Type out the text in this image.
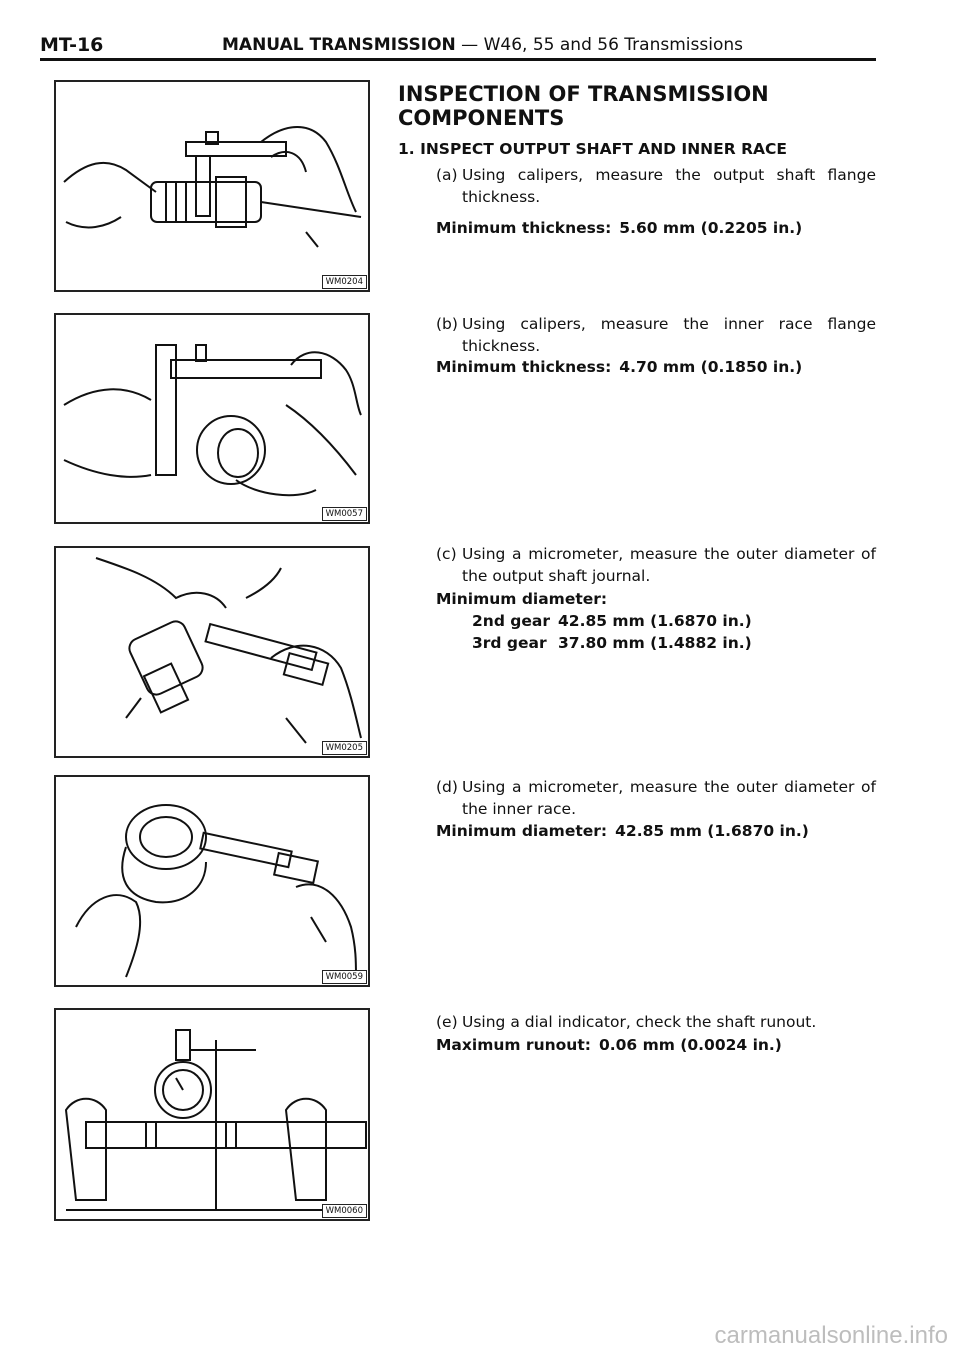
MT-16	MANUAL TRANSMISSION — W46, 55 and 56 Transmissions
WM0204
WM0057
WM0205
WM0059
WM0060
INSPECTION OF TRANSMISSION COMPONENTS
1. INSPECT OUTPUT SHAFT AND INNER RACE
(a) Using calipers, measure the output shaft flange thickness.
Minimum thickness: 5.60 mm (0.2205 in.)
(b) Using calipers, measure the inner race flange thickness.
Minimum thickness: 4.70 mm (0.1850 in.)
(c) Using a micrometer, measure the outer diameter of the output shaft journal.
Minimum diameter:
2nd gear 42.85 mm (1.6870 in.)
3rd gear 37.80 mm (1.4882 in.)
(d) Using a micrometer, measure the outer diameter of the inner race.
Minimum diameter: 42.85 mm (1.6870 in.)
(e) Using a dial indicator, check the shaft runout.
Maximum runout: 0.06 mm (0.0024 in.)
carmanualsonline.info
